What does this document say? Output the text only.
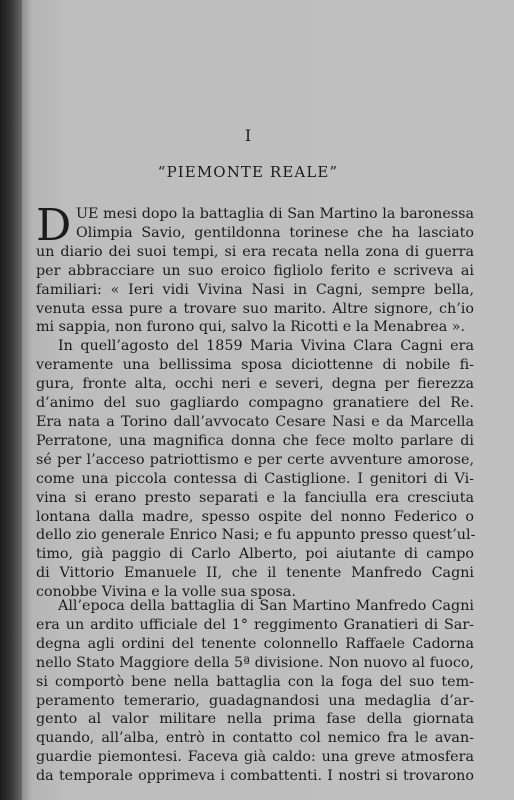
I
“PIEMONTE REALE”
D UE mesi dopo la battaglia di San Martino la baronessa
Olimpia Savio, gentildonna torinese che ha lasciato
un diario dei suoi tempi, si era recata nella zona di guerra
per abbracciare un suo eroico figliolo ferito e scriveva ai
familiari: « Ieri vidi Vivina Nasi in Cagni, sempre bella,
venuta essa pure a trovare suo marito. Altre signore, ch’io
mi sappia, non furono qui, salvo la Ricotti e la Menabrea ».
In quell’agosto del 1859 Maria Vivina Clara Cagni era
veramente una bellissima sposa diciottenne di nobile fi-
gura, fronte alta, occhi neri e severi, degna per fierezza
d’animo del suo gagliardo compagno granatiere del Re.
Era nata a Torino dall’avvocato Cesare Nasi e da Marcella
Perratone, una magnifica donna che fece molto parlare di
sé per l’acceso patriottismo e per certe avventure amorose,
come una piccola contessa di Castiglione. I genitori di Vi-
vina si erano presto separati e la fanciulla era cresciuta
lontana dalla madre, spesso ospite del nonno Federico o
dello zio generale Enrico Nasi; e fu appunto presso quest’ul-
timo, già paggio di Carlo Alberto, poi aiutante di campo
di Vittorio Emanuele II, che il tenente Manfredo Cagni
conobbe Vivina e la volle sua sposa.
All’epoca della battaglia di San Martino Manfredo Cagni
era un ardito ufficiale del 1° reggimento Granatieri di Sar-
degna agli ordini del tenente colonnello Raffaele Cadorna
nello Stato Maggiore della 5ª divisione. Non nuovo al fuoco,
si comportò bene nella battaglia con la foga del suo tem-
peramento temerario, guadagnandosi una medaglia d’ar-
gento al valor militare nella prima fase della giornata
quando, all’alba, entrò in contatto col nemico fra le avan-
guardie piemontesi. Faceva già caldo: una greve atmosfera
da temporale opprimeva i combattenti. I nostri si trovarono
